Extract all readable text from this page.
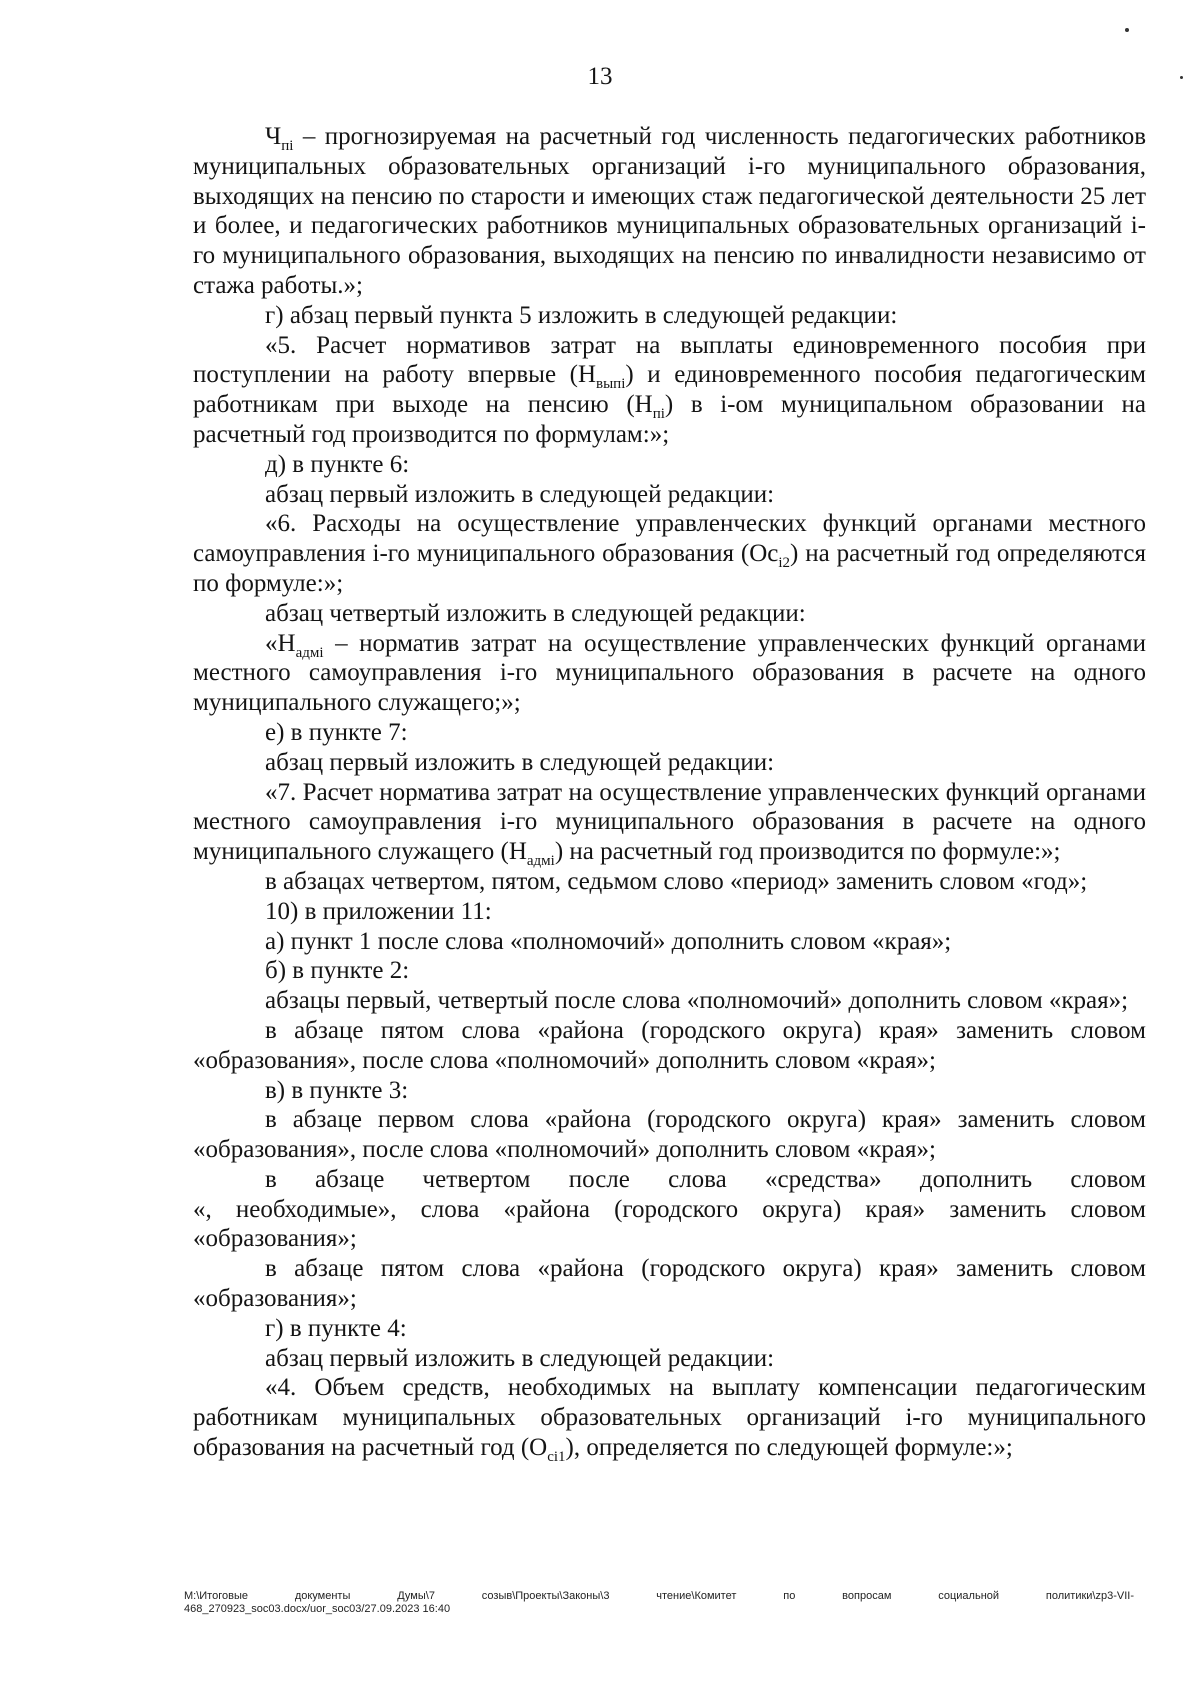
13

$Ч_{пi}$ – прогнозируемая на расчетный год численность педагогических работников муниципальных образовательных организаций i-го муниципального образования, выходящих на пенсию по старости и имеющих стаж педагогической деятельности 25 лет и более, и педагогических работников муниципальных образовательных организаций i-го муниципального образования, выходящих на пенсию по инвалидности независимо от стажа работы.»;

г) абзац первый пункта 5 изложить в следующей редакции:

«5. Расчет нормативов затрат на выплаты единовременного пособия при поступлении на работу впервые $(Н_{выпi})$ и единовременного пособия педагогическим работникам при выходе на пенсию $(Н_{пi})$ в i-ом муниципальном образовании на расчетный год производится по формулам:»;

д) в пункте 6:

абзац первый изложить в следующей редакции:

«6. Расходы на осуществление управленческих функций органами местного самоуправления i-го муниципального образования $(Ос_{i2})$ на расчетный год определяются по формуле:»;

абзац четвертый изложить в следующей редакции:

«$Н_{адмi}$ – норматив затрат на осуществление управленческих функций органами местного самоуправления i-го муниципального образования в расчете на одного муниципального служащего;»;

е) в пункте 7:

абзац первый изложить в следующей редакции:

«7. Расчет норматива затрат на осуществление управленческих функций органами местного самоуправления i-го муниципального образования в расчете на одного муниципального служащего $(Н_{адмi})$ на расчетный год производится по формуле:»;

в абзацах четвертом, пятом, седьмом слово «период» заменить словом «год»;

10) в приложении 11:

а) пункт 1 после слова «полномочий» дополнить словом «края»;

б) в пункте 2:

абзацы первый, четвертый после слова «полномочий» дополнить словом «края»;

в абзаце пятом слова «района (городского округа) края» заменить словом «образования», после слова «полномочий» дополнить словом «края»;

в) в пункте 3:

в абзаце первом слова «района (городского округа) края» заменить словом «образования», после слова «полномочий» дополнить словом «края»;

в абзаце четвертом после слова «средства» дополнить словом

«, необходимые», слова «района (городского округа) края» заменить словом «образования»;

в абзаце пятом слова «района (городского округа) края» заменить словом «образования»;

г) в пункте 4:

абзац первый изложить в следующей редакции:

«4. Объем средств, необходимых на выплату компенсации педагогическим работникам муниципальных образовательных организаций i-го муниципального образования на расчетный год $(О_{сi1})$, определяется по следующей формуле:»;

M:\Итоговые документы Думы\7 созыв\Проекты\Законы\3 чтение\Комитет по вопросам социальной политики\zp3-VII-
468_270923_soc03.docx/uor_soc03/27.09.2023 16:40
